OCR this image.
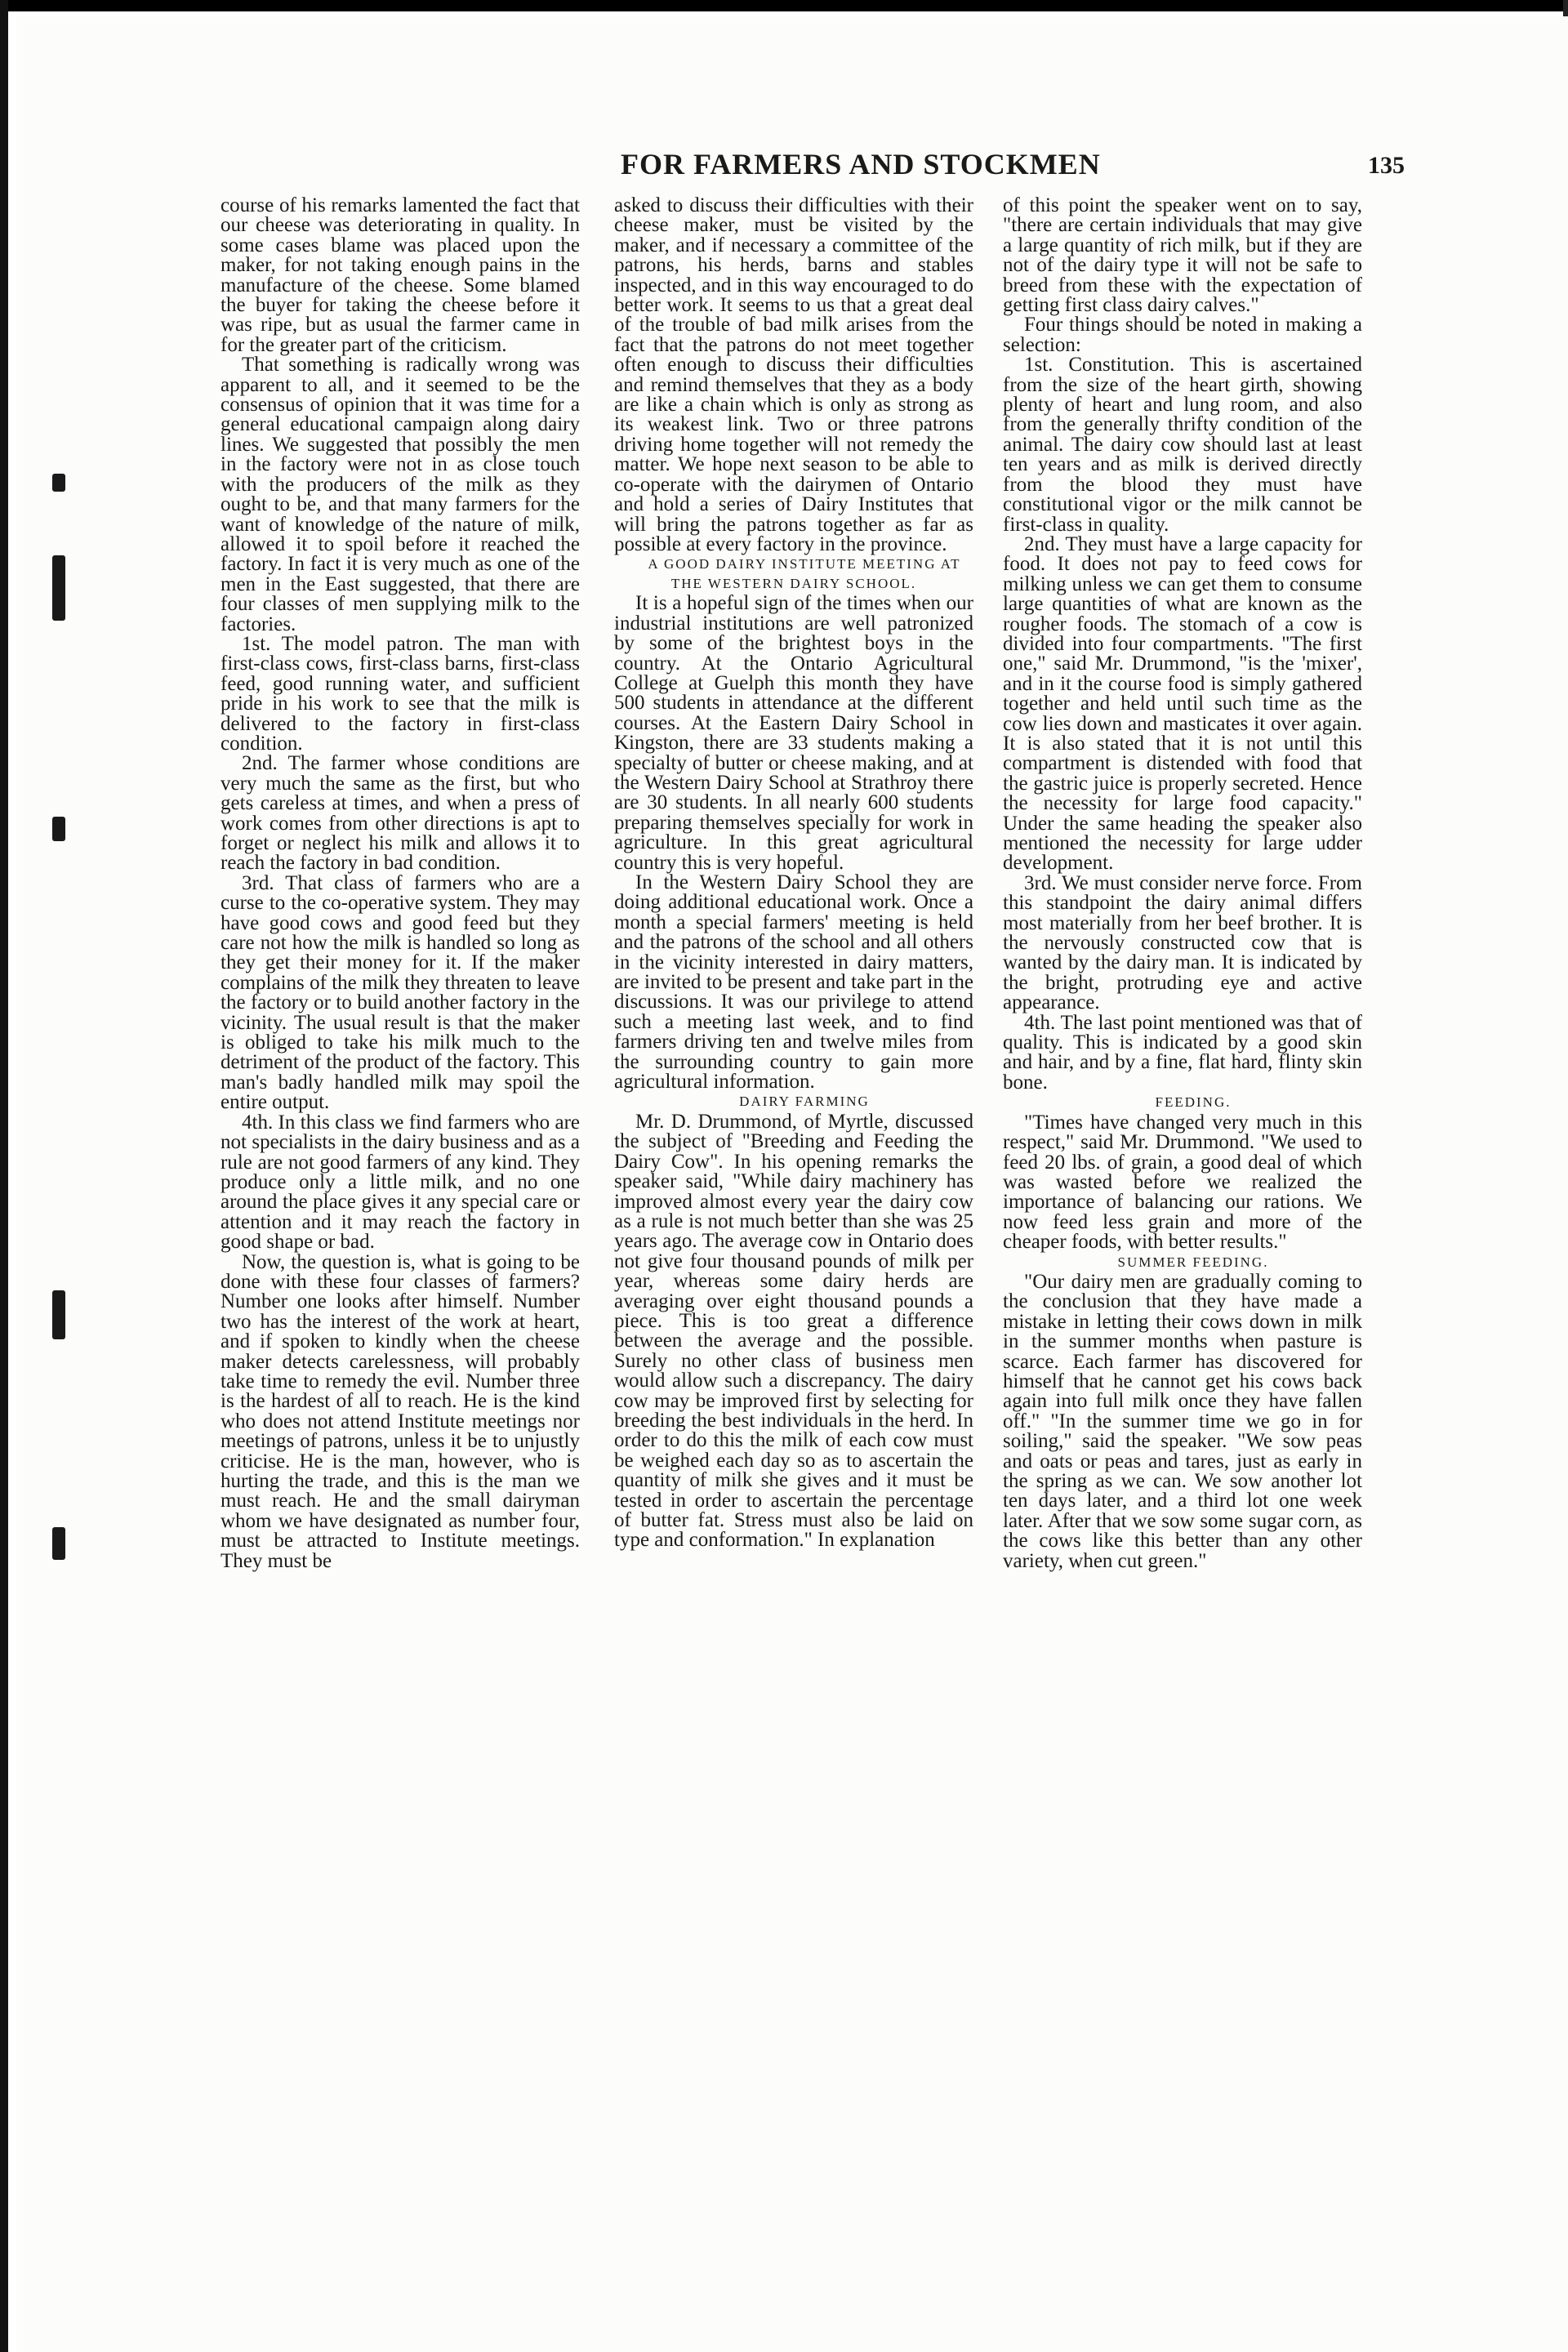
FOR FARMERS AND STOCKMEN	135

course of his remarks lamented the fact that our cheese was deteriorating in quality. In some cases blame was placed upon the maker, for not taking enough pains in the manufacture of the cheese. Some blamed the buyer for taking the cheese before it was ripe, but as usual the farmer came in for the greater part of the criticism.

That something is radically wrong was apparent to all, and it seemed to be the consensus of opinion that it was time for a general educational campaign along dairy lines. We suggested that possibly the men in the factory were not in as close touch with the producers of the milk as they ought to be, and that many farmers for the want of knowledge of the nature of milk, allowed it to spoil before it reached the factory. In fact it is very much as one of the men in the East suggested, that there are four classes of men supplying milk to the factories.

1st. The model patron. The man with first-class cows, first-class barns, first-class feed, good running water, and sufficient pride in his work to see that the milk is delivered to the factory in first-class condition.

2nd. The farmer whose conditions are very much the same as the first, but who gets careless at times, and when a press of work comes from other directions is apt to forget or neglect his milk and allows it to reach the factory in bad condition.

3rd. That class of farmers who are a curse to the co-operative system. They may have good cows and good feed but they care not how the milk is handled so long as they get their money for it. If the maker complains of the milk they threaten to leave the factory or to build another factory in the vicinity. The usual result is that the maker is obliged to take his milk much to the detriment of the product of the factory. This man's badly handled milk may spoil the entire output.

4th. In this class we find farmers who are not specialists in the dairy business and as a rule are not good farmers of any kind. They produce only a little milk, and no one around the place gives it any special care or attention and it may reach the factory in good shape or bad.

Now, the question is, what is going to be done with these four classes of farmers? Number one looks after himself. Number two has the interest of the work at heart, and if spoken to kindly when the cheese maker detects carelessness, will probably take time to remedy the evil. Number three is the hardest of all to reach. He is the kind who does not attend Institute meetings nor meetings of patrons, unless it be to unjustly criticise. He is the man, however, who is hurting the trade, and this is the man we must reach. He and the small dairyman whom we have designated as number four, must be attracted to Institute meetings. They must be

asked to discuss their difficulties with their cheese maker, must be visited by the maker, and if necessary a committee of the patrons, his herds, barns and stables inspected, and in this way encouraged to do better work. It seems to us that a great deal of the trouble of bad milk arises from the fact that the patrons do not meet together often enough to discuss their difficulties and remind themselves that they as a body are like a chain which is only as strong as its weakest link. Two or three patrons driving home together will not remedy the matter. We hope next season to be able to co-operate with the dairymen of Ontario and hold a series of Dairy Institutes that will bring the patrons together as far as possible at every factory in the province.

A GOOD DAIRY INSTITUTE MEETING AT THE WESTERN DAIRY SCHOOL.

It is a hopeful sign of the times when our industrial institutions are well patronized by some of the brightest boys in the country. At the Ontario Agricultural College at Guelph this month they have 500 students in attendance at the different courses. At the Eastern Dairy School in Kingston, there are 33 students making a specialty of butter or cheese making, and at the Western Dairy School at Strathroy there are 30 students. In all nearly 600 students preparing themselves specially for work in agriculture. In this great agricultural country this is very hopeful.

In the Western Dairy School they are doing additional educational work. Once a month a special farmers' meeting is held and the patrons of the school and all others in the vicinity interested in dairy matters, are invited to be present and take part in the discussions. It was our privilege to attend such a meeting last week, and to find farmers driving ten and twelve miles from the surrounding country to gain more agricultural information.

DAIRY FARMING

Mr. D. Drummond, of Myrtle, discussed the subject of "Breeding and Feeding the Dairy Cow". In his opening remarks the speaker said, "While dairy machinery has improved almost every year the dairy cow as a rule is not much better than she was 25 years ago. The average cow in Ontario does not give four thousand pounds of milk per year, whereas some dairy herds are averaging over eight thousand pounds a piece. This is too great a difference between the average and the possible. Surely no other class of business men would allow such a discrepancy. The dairy cow may be improved first by selecting for breeding the best individuals in the herd. In order to do this the milk of each cow must be weighed each day so as to ascertain the quantity of milk she gives and it must be tested in order to ascertain the percentage of butter fat. Stress must also be laid on type and conformation." In explanation

of this point the speaker went on to say, "there are certain individuals that may give a large quantity of rich milk, but if they are not of the dairy type it will not be safe to breed from these with the expectation of getting first class dairy calves."

Four things should be noted in making a selection:

1st. Constitution. This is ascertained from the size of the heart girth, showing plenty of heart and lung room, and also from the generally thrifty condition of the animal. The dairy cow should last at least ten years and as milk is derived directly from the blood they must have constitutional vigor or the milk cannot be first-class in quality.

2nd. They must have a large capacity for food. It does not pay to feed cows for milking unless we can get them to consume large quantities of what are known as the rougher foods. The stomach of a cow is divided into four compartments. "The first one," said Mr. Drummond, "is the 'mixer', and in it the course food is simply gathered together and held until such time as the cow lies down and masticates it over again. It is also stated that it is not until this compartment is distended with food that the gastric juice is properly secreted. Hence the necessity for large food capacity." Under the same heading the speaker also mentioned the necessity for large udder development.

3rd. We must consider nerve force. From this standpoint the dairy animal differs most materially from her beef brother. It is the nervously constructed cow that is wanted by the dairy man. It is indicated by the bright, protruding eye and active appearance.

4th. The last point mentioned was that of quality. This is indicated by a good skin and hair, and by a fine, flat hard, flinty skin bone.

FEEDING.

"Times have changed very much in this respect," said Mr. Drummond. "We used to feed 20 lbs. of grain, a good deal of which was wasted before we realized the importance of balancing our rations. We now feed less grain and more of the cheaper foods, with better results."

SUMMER FEEDING.

"Our dairy men are gradually coming to the conclusion that they have made a mistake in letting their cows down in milk in the summer months when pasture is scarce. Each farmer has discovered for himself that he cannot get his cows back again into full milk once they have fallen off." "In the summer time we go in for soiling," said the speaker. "We sow peas and oats or peas and tares, just as early in the spring as we can. We sow another lot ten days later, and a third lot one week later. After that we sow some sugar corn, as the cows like this better than any other variety, when cut green."
